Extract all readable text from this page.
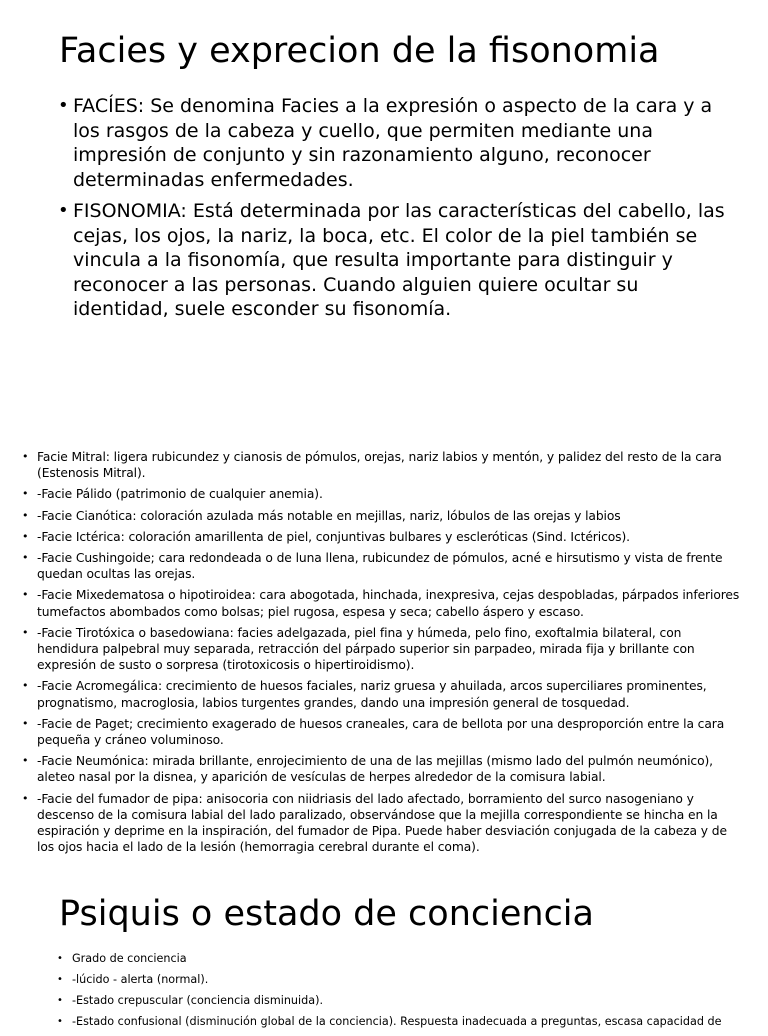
Facies y exprecion de la fisonomia
• FACÍES: Se denomina Facies a la expresión o aspecto de la cara y a los rasgos de la cabeza y cuello, que permiten mediante una impresión de conjunto y sin razonamiento alguno, reconocer determinadas enfermedades.
• FISONOMIA: Está determinada por las características del cabello, las cejas, los ojos, la nariz, la boca, etc. El color de la piel también se vincula a la fisonomía, que resulta importante para distinguir y reconocer a las personas. Cuando alguien quiere ocultar su identidad, suele esconder su fisonomía.
• Facie Mitral: ligera rubicundez y cianosis de pómulos, orejas, nariz labios y mentón, y palidez del resto de la cara (Estenosis Mitral).
• -Facie Pálido (patrimonio de cualquier anemia).
• -Facie Cianótica: coloración azulada más notable en mejillas, nariz, lóbulos de las orejas y labios
• -Facie Ictérica: coloración amarillenta de piel, conjuntivas bulbares y escleróticas (Sind. Ictéricos).
• -Facie Cushingoide; cara redondeada o de luna llena, rubicundez de pómulos, acné e hirsutismo y vista de frente quedan ocultas las orejas.
• -Facie Mixedematosa o hipotiroidea: cara abogotada, hinchada, inexpresiva, cejas despobladas, párpados inferiores tumefactos abombados como bolsas; piel rugosa, espesa y seca; cabello áspero y escaso.
• -Facie Tirotóxica o basedowiana: facies adelgazada, piel fina y húmeda, pelo fino, exoftalmia bilateral, con hendidura palpebral muy separada, retracción del párpado superior sin parpadeo, mirada fija y brillante con expresión de susto o sorpresa (tirotoxicosis o hipertiroidismo).
• -Facie Acromegálica: crecimiento de huesos faciales, nariz gruesa y ahuilada, arcos superciliares prominentes, prognatismo, macroglosia, labios turgentes grandes, dando una impresión general de tosquedad.
• -Facie de Paget; crecimiento exagerado de huesos craneales, cara de bellota por una desproporción entre la cara pequeña y cráneo voluminoso.
• -Facie Neumónica: mirada brillante, enrojecimiento de una de las mejillas (mismo lado del pulmón neumónico), aleteo nasal por la disnea, y aparición de vesículas de herpes alrededor de la comisura labial.
• -Facie del fumador de pipa: anisocoria con niidriasis del lado afectado, borramiento del surco nasogeniano y descenso de la comisura labial del lado paralizado, observándose que la mejilla correspondiente se hincha en la espiración y deprime en la inspiración, del fumador de Pipa. Puede haber desviación conjugada de la cabeza y de los ojos hacia el lado de la lesión (hemorragia cerebral durante el coma).
Psiquis o estado de conciencia
• Grado de conciencia
• -lúcido - alerta (normal).
• -Estado crepuscular (conciencia disminuida).
• -Estado confusional (disminución global de la conciencia). Respuesta inadecuada a preguntas, escasa capacidad de
